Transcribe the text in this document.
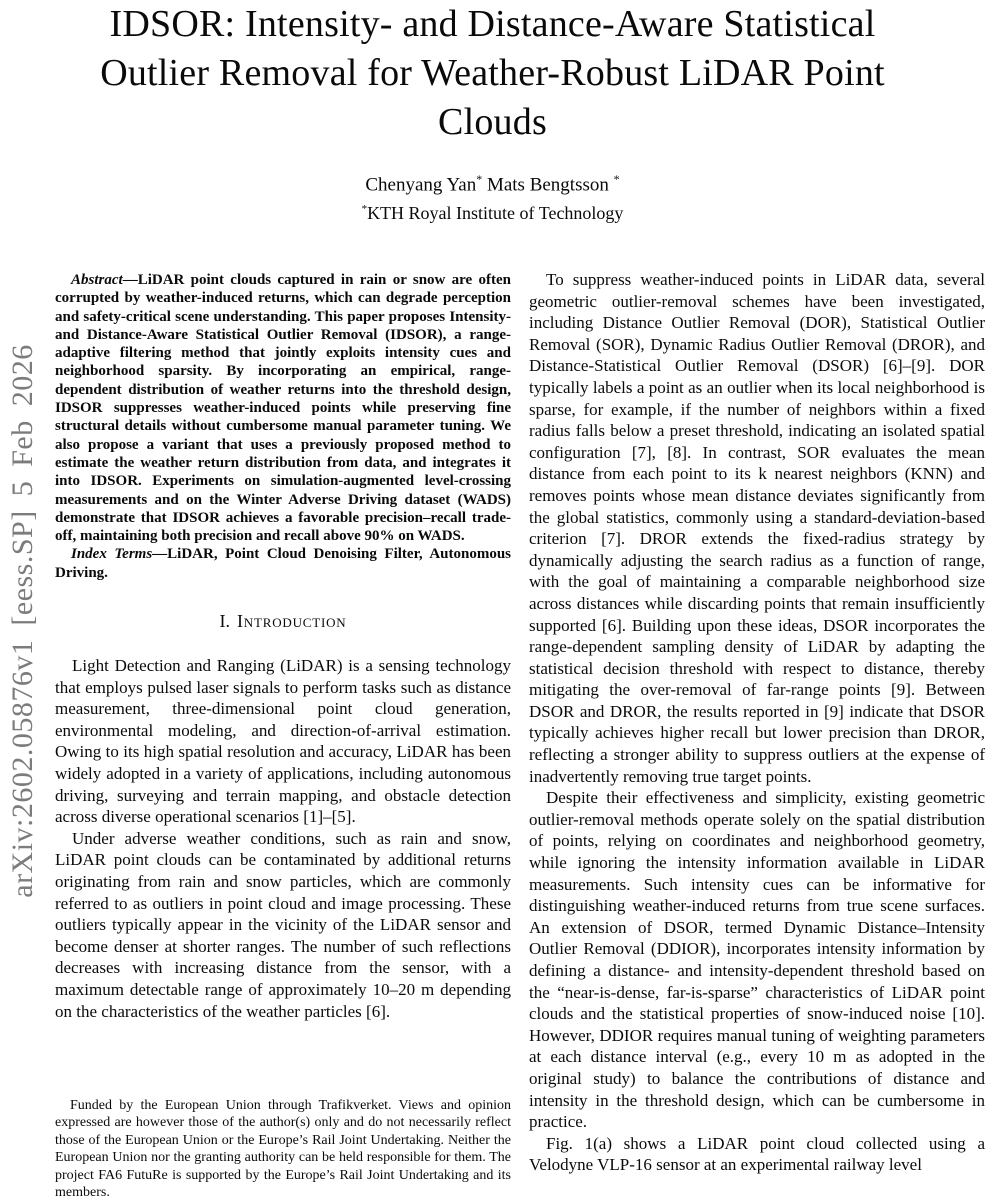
arXiv:2602.05876v1 [eess.SP] 5 Feb 2026
IDSOR: Intensity- and Distance-Aware Statistical
Outlier Removal for Weather-Robust LiDAR Point
Clouds
Chenyang Yan* Mats Bengtsson *
*KTH Royal Institute of Technology

Abstract—LiDAR point clouds captured in rain or snow are often corrupted by weather-induced returns, which can degrade perception and safety-critical scene understanding. This paper proposes Intensity- and Distance-Aware Statistical Outlier Removal (IDSOR), a range-adaptive filtering method that jointly exploits intensity cues and neighborhood sparsity. By incorporating an empirical, range-dependent distribution of weather returns into the threshold design, IDSOR suppresses weather-induced points while preserving fine structural details without cumbersome manual parameter tuning. We also propose a variant that uses a previously proposed method to estimate the weather return distribution from data, and integrates it into IDSOR. Experiments on simulation-augmented level-crossing measurements and on the Winter Adverse Driving dataset (WADS) demonstrate that IDSOR achieves a favorable precision–recall trade-off, maintaining both precision and recall above 90% on WADS.

Index Terms—LiDAR, Point Cloud Denoising Filter, Autonomous Driving.

I. Introduction

Light Detection and Ranging (LiDAR) is a sensing technology that employs pulsed laser signals to perform tasks such as distance measurement, three-dimensional point cloud generation, environmental modeling, and direction-of-arrival estimation. Owing to its high spatial resolution and accuracy, LiDAR has been widely adopted in a variety of applications, including autonomous driving, surveying and terrain mapping, and obstacle detection across diverse operational scenarios [1]–[5].

Under adverse weather conditions, such as rain and snow, LiDAR point clouds can be contaminated by additional returns originating from rain and snow particles, which are commonly referred to as outliers in point cloud and image processing. These outliers typically appear in the vicinity of the LiDAR sensor and become denser at shorter ranges. The number of such reflections decreases with increasing distance from the sensor, with a maximum detectable range of approximately 10–20 m depending on the characteristics of the weather particles [6].

To suppress weather-induced points in LiDAR data, several geometric outlier-removal schemes have been investigated, including Distance Outlier Removal (DOR), Statistical Outlier Removal (SOR), Dynamic Radius Outlier Removal (DROR), and Distance-Statistical Outlier Removal (DSOR) [6]–[9]. DOR typically labels a point as an outlier when its local neighborhood is sparse, for example, if the number of neighbors within a fixed radius falls below a preset threshold, indicating an isolated spatial configuration [7], [8]. In contrast, SOR evaluates the mean distance from each point to its k nearest neighbors (KNN) and removes points whose mean distance deviates significantly from the global statistics, commonly using a standard-deviation-based criterion [7]. DROR extends the fixed-radius strategy by dynamically adjusting the search radius as a function of range, with the goal of maintaining a comparable neighborhood size across distances while discarding points that remain insufficiently supported [6]. Building upon these ideas, DSOR incorporates the range-dependent sampling density of LiDAR by adapting the statistical decision threshold with respect to distance, thereby mitigating the over-removal of far-range points [9]. Between DSOR and DROR, the results reported in [9] indicate that DSOR typically achieves higher recall but lower precision than DROR, reflecting a stronger ability to suppress outliers at the expense of inadvertently removing true target points.

Despite their effectiveness and simplicity, existing geometric outlier-removal methods operate solely on the spatial distribution of points, relying on coordinates and neighborhood geometry, while ignoring the intensity information available in LiDAR measurements. Such intensity cues can be informative for distinguishing weather-induced returns from true scene surfaces. An extension of DSOR, termed Dynamic Distance–Intensity Outlier Removal (DDIOR), incorporates intensity information by defining a distance- and intensity-dependent threshold based on the “near-is-dense, far-is-sparse” characteristics of LiDAR point clouds and the statistical properties of snow-induced noise [10]. However, DDIOR requires manual tuning of weighting parameters at each distance interval (e.g., every 10 m as adopted in the original study) to balance the contributions of distance and intensity in the threshold design, which can be cumbersome in practice.

Fig. 1(a) shows a LiDAR point cloud collected using a Velodyne VLP-16 sensor at an experimental railway level

Funded by the European Union through Trafikverket. Views and opinion expressed are however those of the author(s) only and do not necessarily reflect those of the European Union or the Europe’s Rail Joint Undertaking. Neither the European Union nor the granting authority can be held responsible for them. The project FA6 FutuRe is supported by the Europe’s Rail Joint Undertaking and its members.
